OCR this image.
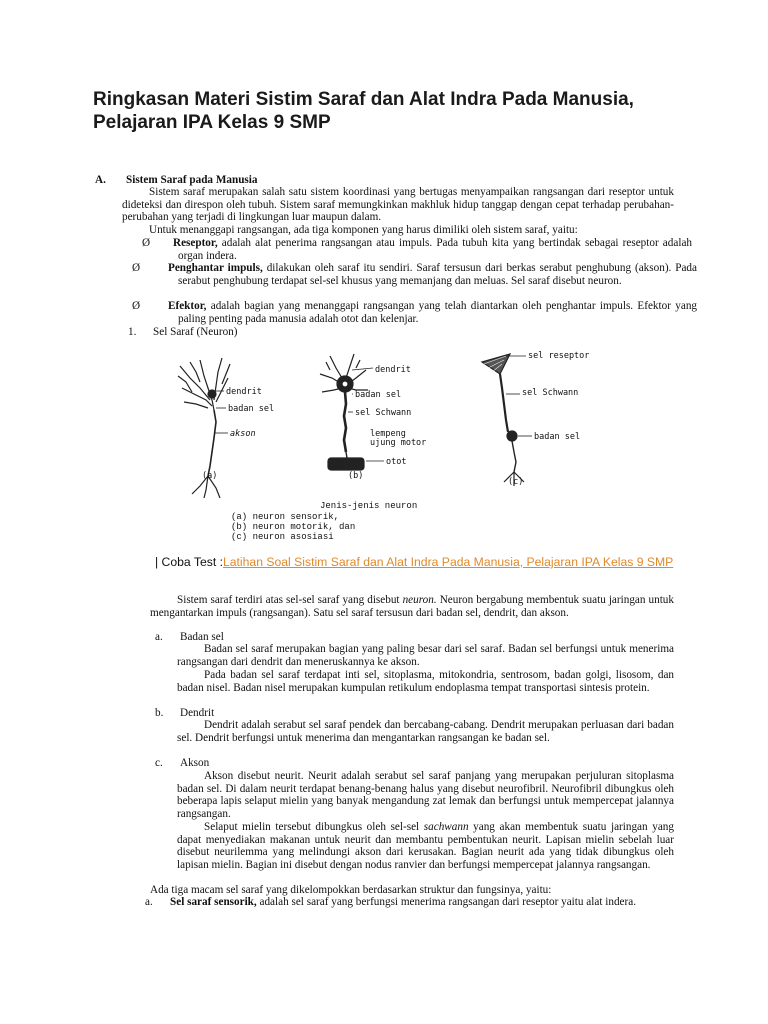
Ringkasan Materi Sistim Saraf dan Alat Indra Pada Manusia, Pelajaran IPA Kelas 9 SMP
A. Sistem Saraf pada Manusia

Sistem saraf merupakan salah satu sistem koordinasi yang bertugas menyampaikan rangsangan dari reseptor untuk dideteksi dan direspon oleh tubuh. Sistem saraf memungkinkan makhluk hidup tanggap dengan cepat terhadap perubahan-perubahan yang terjadi di lingkungan luar maupun dalam.

Untuk menanggapi rangsangan, ada tiga komponen yang harus dimiliki oleh sistem saraf, yaitu:

Ø Reseptor, adalah alat penerima rangsangan atau impuls. Pada tubuh kita yang bertindak sebagai reseptor adalah organ indera.
Ø Penghantar impuls, dilakukan oleh saraf itu sendiri. Saraf tersusun dari berkas serabut penghubung (akson). Pada serabut penghubung terdapat sel-sel khusus yang memanjang dan meluas. Sel saraf disebut neuron.
Ø Efektor, adalah bagian yang menanggapi rangsangan yang telah diantarkan oleh penghantar impuls. Efektor yang paling penting pada manusia adalah otot dan kelenjar.
1. Sel Saraf (Neuron)
dendrit
badan sel
akson
(a)
dendrit
badan sel
sel Schwann
lempeng
ujung motor
otot
(b)
sel reseptor
sel Schwann
badan sel
(c)
Jenis-jenis neuron
(a) neuron sensorik,
(b) neuron motorik, dan
(c) neuron asosiasi
| Coba Test :Latihan Soal Sistim Saraf dan Alat Indra Pada Manusia, Pelajaran IPA Kelas 9 SMP

Sistem saraf terdiri atas sel-sel saraf yang disebut neuron. Neuron bergabung membentuk suatu jaringan untuk mengantarkan impuls (rangsangan). Satu sel saraf tersusun dari badan sel, dendrit, dan akson.

a. Badan sel

Badan sel saraf merupakan bagian yang paling besar dari sel saraf. Badan sel berfungsi untuk menerima rangsangan dari dendrit dan meneruskannya ke akson.

Pada badan sel saraf terdapat inti sel, sitoplasma, mitokondria, sentrosom, badan golgi, lisosom, dan badan nisel. Badan nisel merupakan kumpulan retikulum endoplasma tempat transportasi sintesis protein.

b. Dendrit

Dendrit adalah serabut sel saraf pendek dan bercabang-cabang. Dendrit merupakan perluasan dari badan sel. Dendrit berfungsi untuk menerima dan mengantarkan rangsangan ke badan sel.

c. Akson

Akson disebut neurit. Neurit adalah serabut sel saraf panjang yang merupakan perjuluran sitoplasma badan sel. Di dalam neurit terdapat benang-benang halus yang disebut neurofibril. Neurofibril dibungkus oleh beberapa lapis selaput mielin yang banyak mengandung zat lemak dan berfungsi untuk mempercepat jalannya rangsangan.

Selaput mielin tersebut dibungkus oleh sel-sel sachwann yang akan membentuk suatu jaringan yang dapat menyediakan makanan untuk neurit dan membantu pembentukan neurit. Lapisan mielin sebelah luar disebut neurilemma yang melindungi akson dari kerusakan. Bagian neurit ada yang tidak dibungkus oleh lapisan mielin. Bagian ini disebut dengan nodus ranvier dan berfungsi mempercepat jalannya rangsangan.

Ada tiga macam sel saraf yang dikelompokkan berdasarkan struktur dan fungsinya, yaitu:

a. Sel saraf sensorik, adalah sel saraf yang berfungsi menerima rangsangan dari reseptor yaitu alat indera.
